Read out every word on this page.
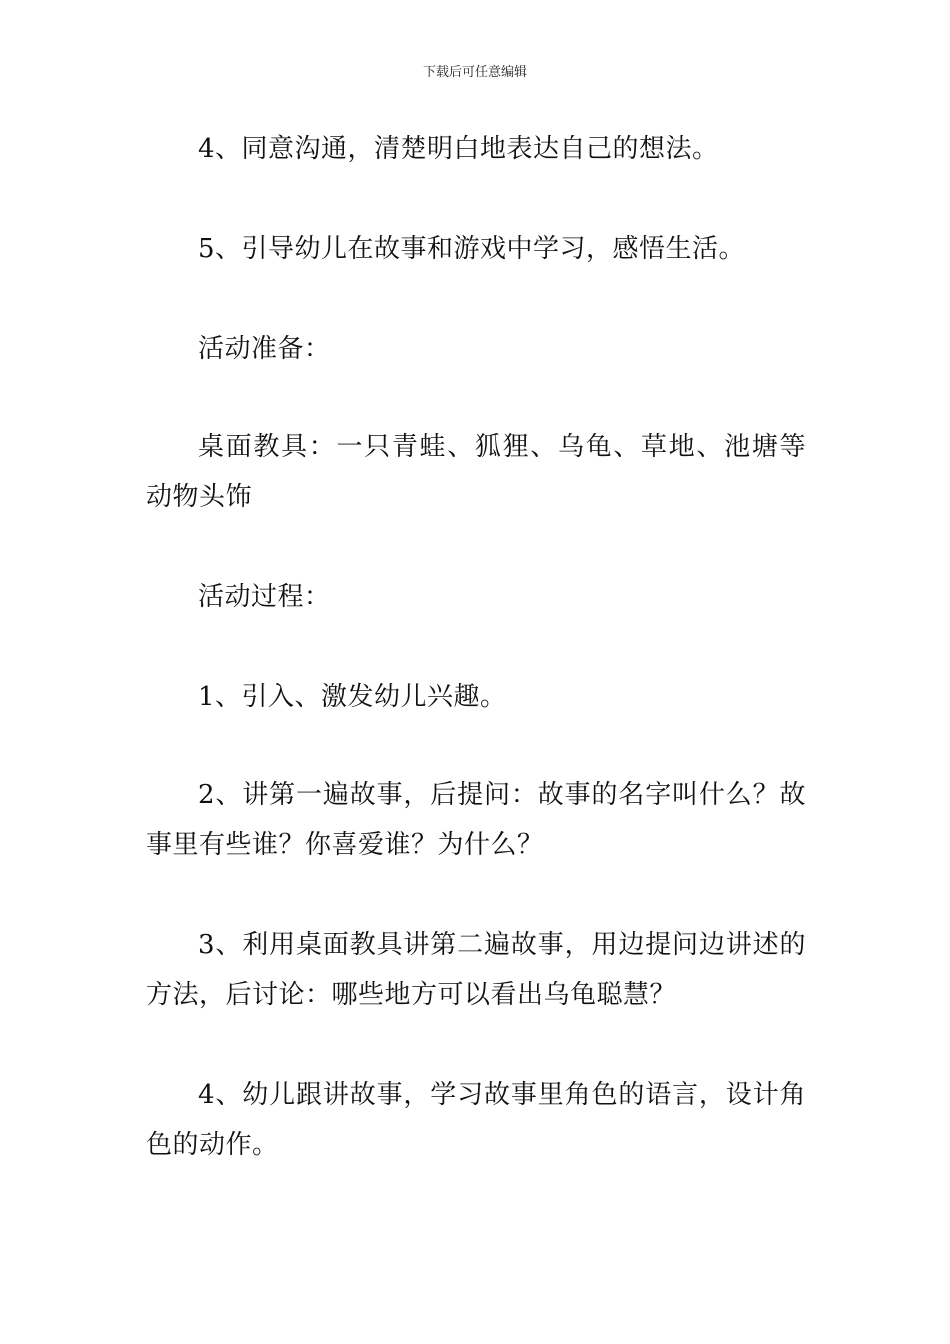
下载后可任意编辑

4、同意沟通，清楚明白地表达自己的想法。

5、引导幼儿在故事和游戏中学习，感悟生活。

活动准备：

桌面教具：一只青蛙、狐狸、乌龟、草地、池塘等动物头饰

活动过程：

1、引入、激发幼儿兴趣。

2、讲第一遍故事，后提问：故事的名字叫什么？故事里有些谁？你喜爱谁？为什么？

3、利用桌面教具讲第二遍故事，用边提问边讲述的方法，后讨论：哪些地方可以看出乌龟聪慧？

4、幼儿跟讲故事，学习故事里角色的语言，设计角色的动作。
